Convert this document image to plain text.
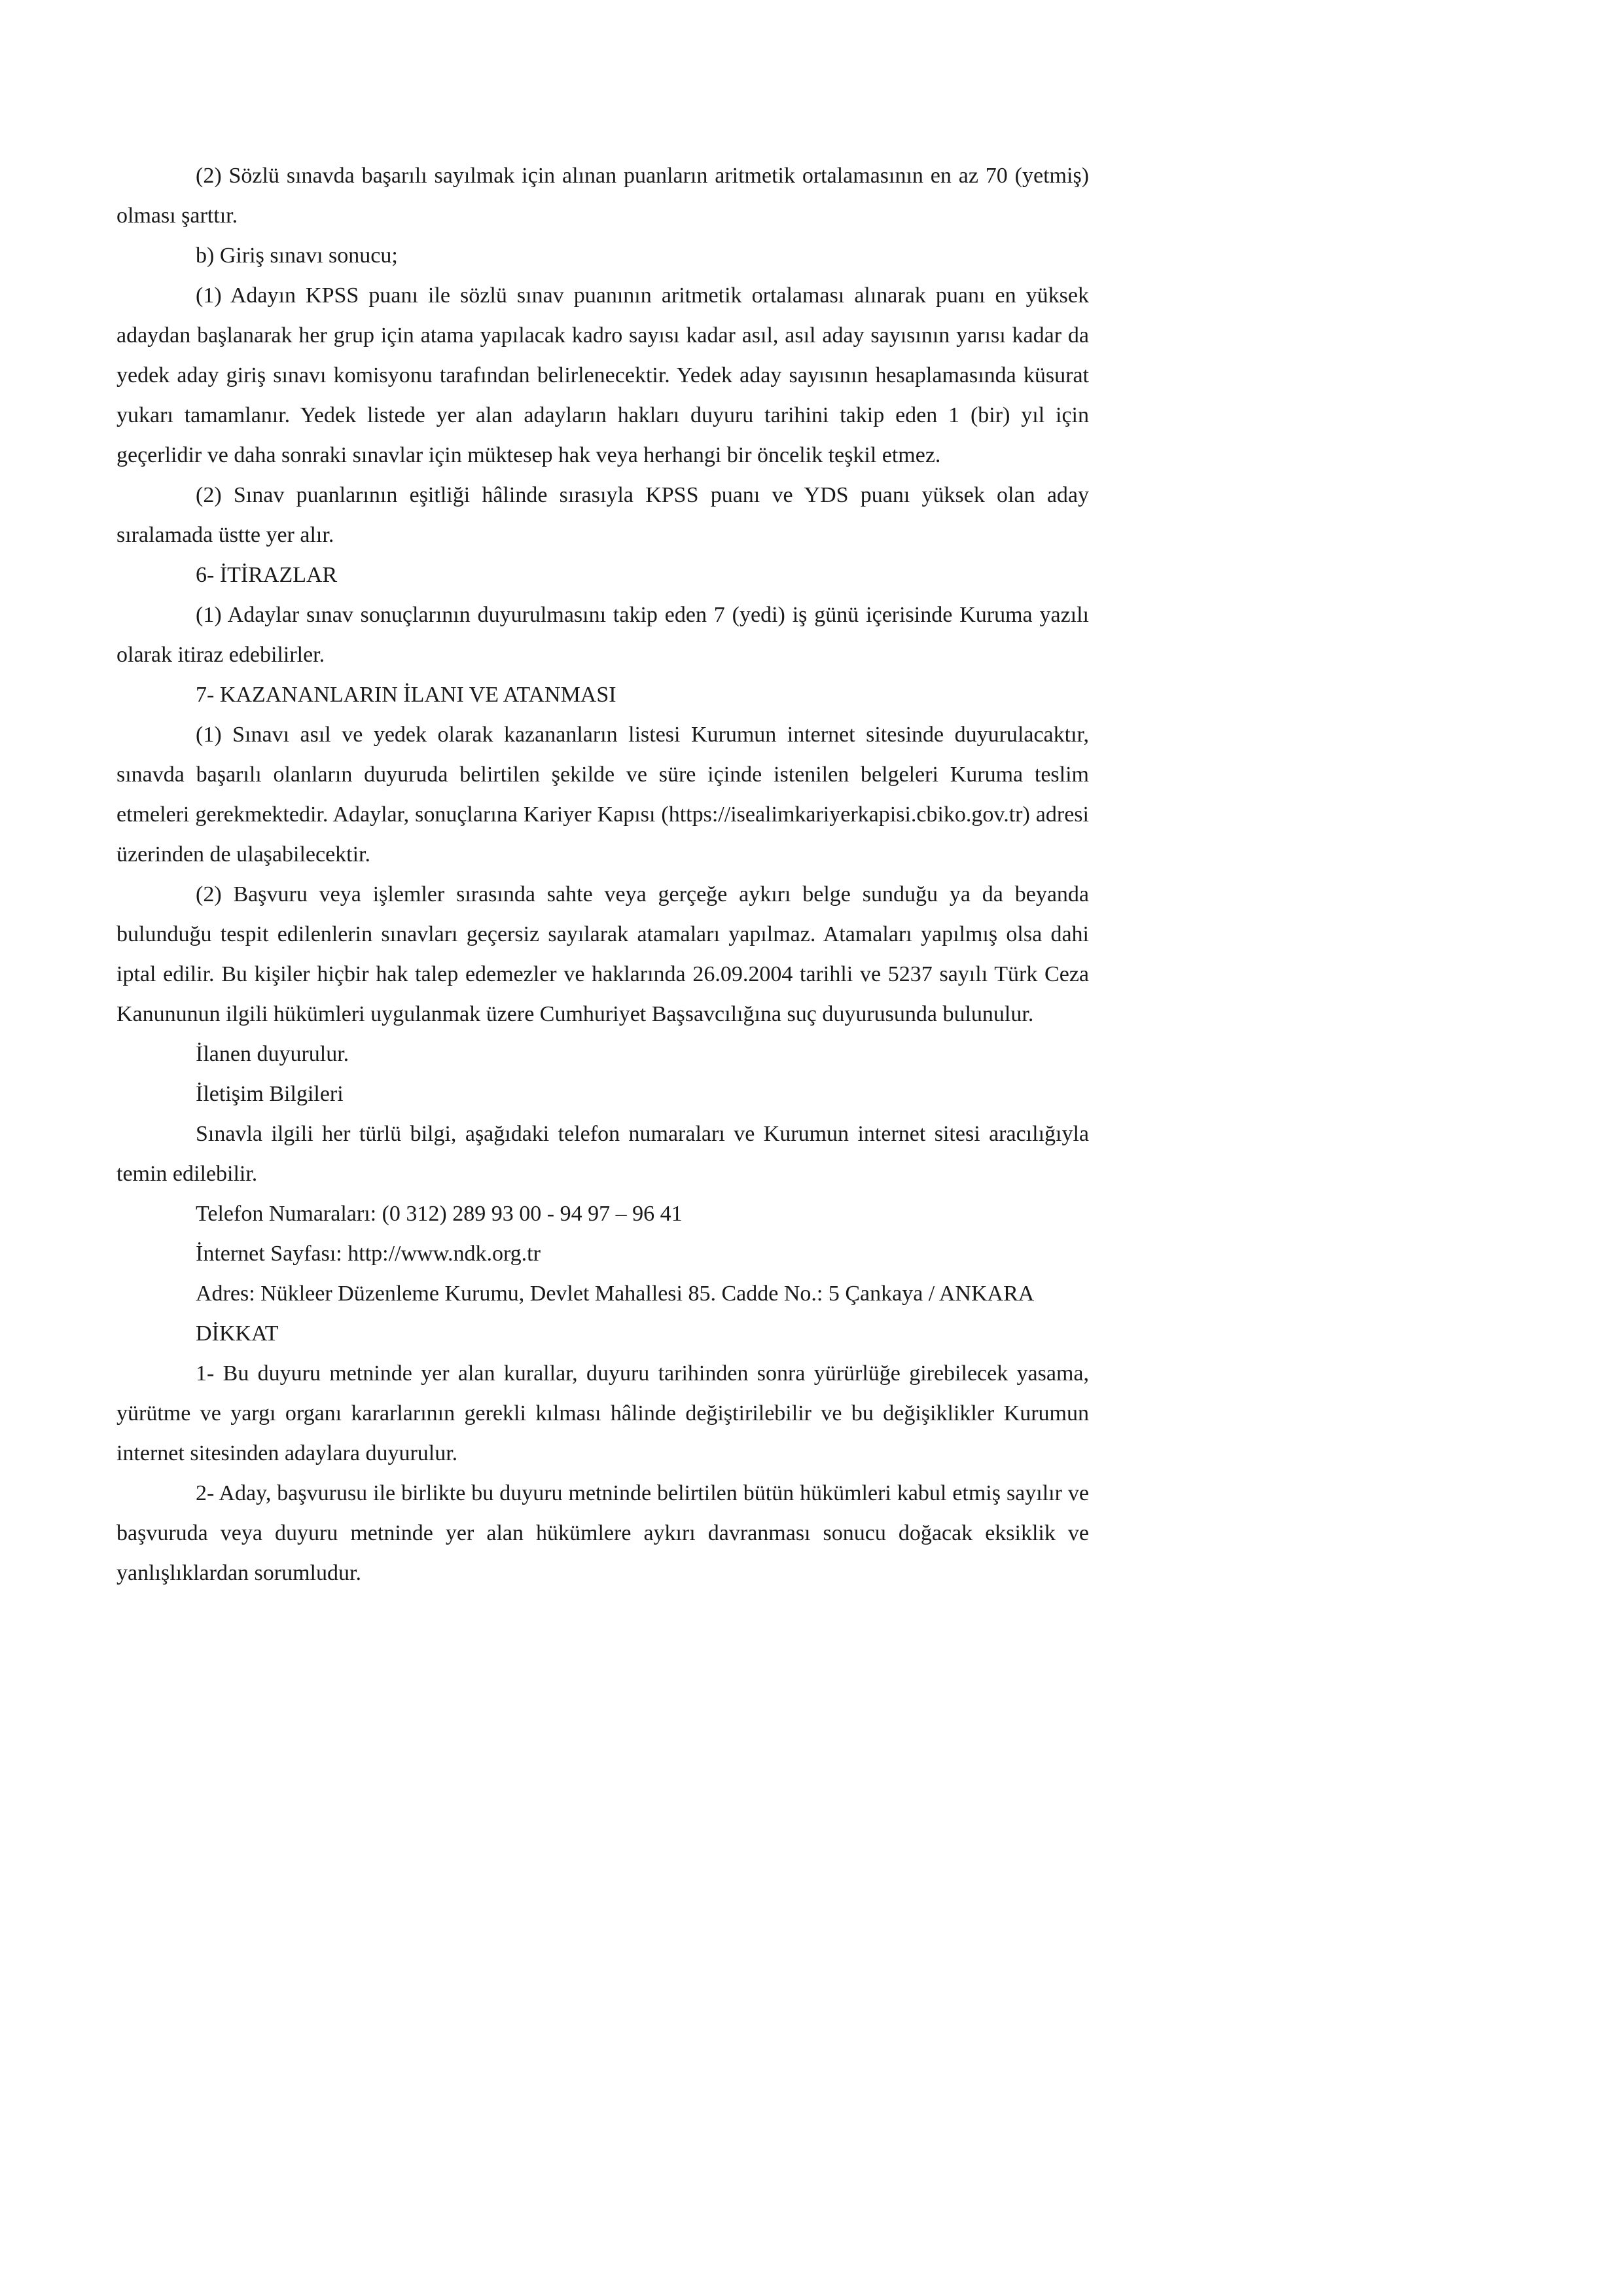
(2) Sözlü sınavda başarılı sayılmak için alınan puanların aritmetik ortalamasının en az 70 (yetmiş) olması şarttır.

b) Giriş sınavı sonucu;

(1) Adayın KPSS puanı ile sözlü sınav puanının aritmetik ortalaması alınarak puanı en yüksek adaydan başlanarak her grup için atama yapılacak kadro sayısı kadar asıl, asıl aday sayısının yarısı kadar da yedek aday giriş sınavı komisyonu tarafından belirlenecektir. Yedek aday sayısının hesaplamasında küsurat yukarı tamamlanır. Yedek listede yer alan adayların hakları duyuru tarihini takip eden 1 (bir) yıl için geçerlidir ve daha sonraki sınavlar için müktesep hak veya herhangi bir öncelik teşkil etmez.

(2) Sınav puanlarının eşitliği hâlinde sırasıyla KPSS puanı ve YDS puanı yüksek olan aday sıralamada üstte yer alır.

6- İTİRAZLAR

(1) Adaylar sınav sonuçlarının duyurulmasını takip eden 7 (yedi) iş günü içerisinde Kuruma yazılı olarak itiraz edebilirler.

7- KAZANANLARIN İLANI VE ATANMASI

(1) Sınavı asıl ve yedek olarak kazananların listesi Kurumun internet sitesinde duyurulacaktır, sınavda başarılı olanların duyuruda belirtilen şekilde ve süre içinde istenilen belgeleri Kuruma teslim etmeleri gerekmektedir. Adaylar, sonuçlarına Kariyer Kapısı (https://isealimkariyerkapisi.cbiko.gov.tr) adresi üzerinden de ulaşabilecektir.

(2) Başvuru veya işlemler sırasında sahte veya gerçeğe aykırı belge sunduğu ya da beyanda bulunduğu tespit edilenlerin sınavları geçersiz sayılarak atamaları yapılmaz. Atamaları yapılmış olsa dahi iptal edilir. Bu kişiler hiçbir hak talep edemezler ve haklarında 26.09.2004 tarihli ve 5237 sayılı Türk Ceza Kanununun ilgili hükümleri uygulanmak üzere Cumhuriyet Başsavcılığına suç duyurusunda bulunulur.

İlanen duyurulur.

İletişim Bilgileri

Sınavla ilgili her türlü bilgi, aşağıdaki telefon numaraları ve Kurumun internet sitesi aracılığıyla temin edilebilir.

Telefon Numaraları: (0 312) 289 93 00 - 94 97 – 96 41

İnternet Sayfası: http://www.ndk.org.tr

Adres: Nükleer Düzenleme Kurumu, Devlet Mahallesi 85. Cadde No.: 5 Çankaya / ANKARA

DİKKAT

1- Bu duyuru metninde yer alan kurallar, duyuru tarihinden sonra yürürlüğe girebilecek yasama, yürütme ve yargı organı kararlarının gerekli kılması hâlinde değiştirilebilir ve bu değişiklikler Kurumun internet sitesinden adaylara duyurulur.

2- Aday, başvurusu ile birlikte bu duyuru metninde belirtilen bütün hükümleri kabul etmiş sayılır ve başvuruda veya duyuru metninde yer alan hükümlere aykırı davranması sonucu doğacak eksiklik ve yanlışlıklardan sorumludur.
